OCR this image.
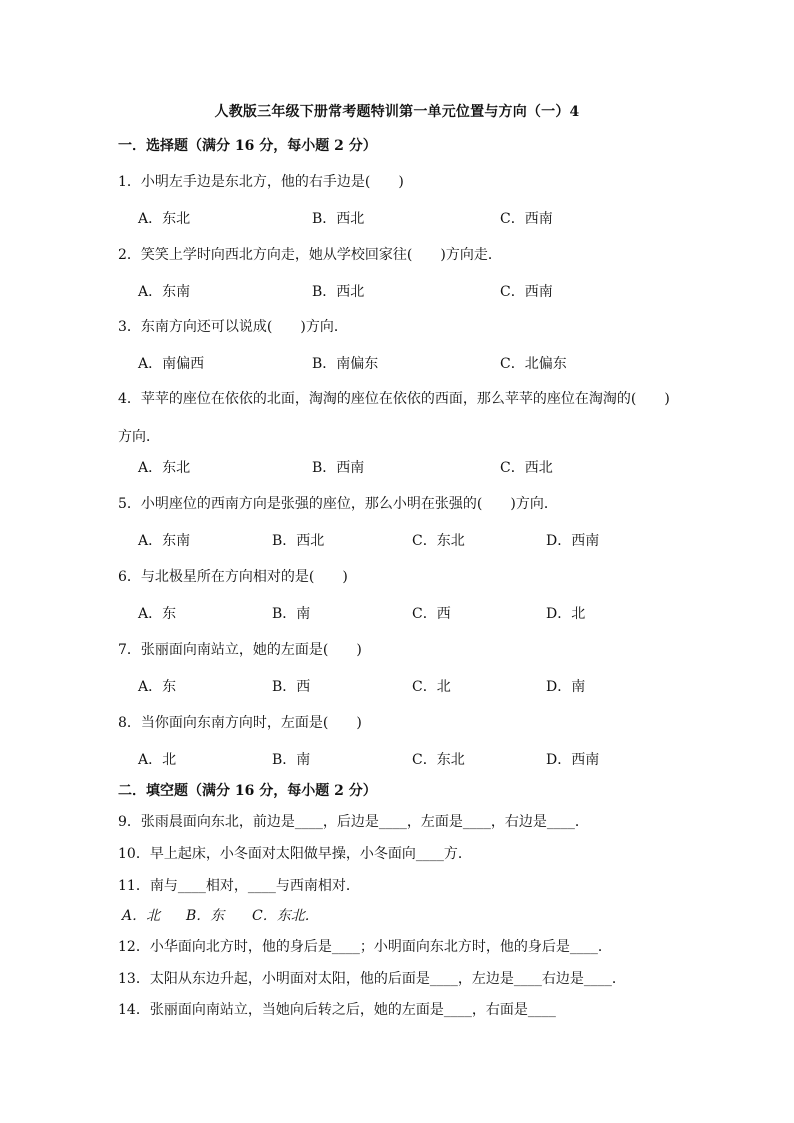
人教版三年级下册常考题特训第一单元位置与方向（一）4
一．选择题（满分 16 分，每小题 2 分）
1．小明左手边是东北方，他的右手边是(　　)
A．东北	B．西北	C．西南
2．笑笑上学时向西北方向走，她从学校回家往(　　)方向走．
A．东南	B．西北	C．西南
3．东南方向还可以说成(　　)方向．
A．南偏西	B．南偏东	C．北偏东
4．苹苹的座位在依依的北面，淘淘的座位在依依的西面，那么苹苹的座位在淘淘的(　　)
方向．
A．东北	B．西南	C．西北
5．小明座位的西南方向是张强的座位，那么小明在张强的(　　)方向．
A．东南	B．西北	C．东北	D．西南
6．与北极星所在方向相对的是(　　)
A．东	B．南	C．西	D．北
7．张丽面向南站立，她的左面是(　　)
A．东	B．西	C．北	D．南
8．当你面向东南方向时，左面是(　　)
A．北	B．南	C．东北	D．西南
二．填空题（满分 16 分，每小题 2 分）
9．张雨晨面向东北，前边是____，后边是____，左面是____，右边是____．
10．早上起床，小冬面对太阳做早操，小冬面向____方．
11．南与____相对，____与西南相对．
A．北 B．东 C．东北．
12．小华面向北方时，他的身后是____；小明面向东北方时，他的身后是____．
13．太阳从东边升起，小明面对太阳，他的后面是____，左边是____右边是____．
14．张丽面向南站立，当她向后转之后，她的左面是____，右面是____
